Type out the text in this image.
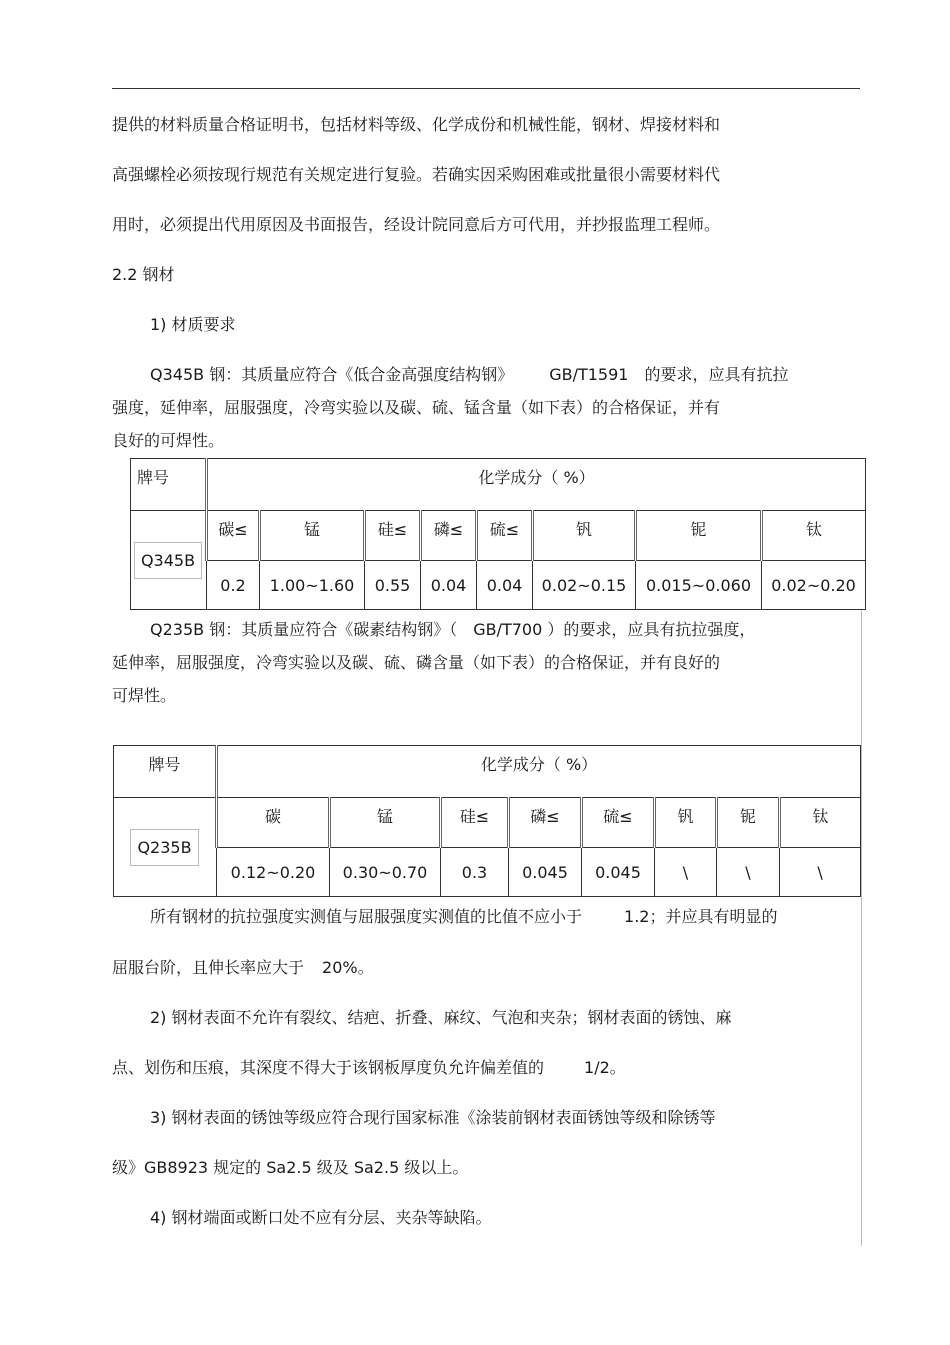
提供的材料质量合格证明书，包括材料等级、化学成份和机械性能，钢材、焊接材料和
高强螺栓必须按现行规范有关规定进行复验。若确实因采购困难或批量很小需要材料代
用时，必须提出代用原因及书面报告，经设计院同意后方可代用，并抄报监理工程师。
2.2 钢材
1) 材质要求
Q345B 钢：其质量应符合《低合金高强度结构钢》 GB/T1591 的要求，应具有抗拉
强度，延伸率，屈服强度，冷弯实验以及碳、硫、锰含量（如下表）的合格保证，并有
良好的可焊性。
牌号	化学成分（ %）							
Q345B	碳≤	锰	硅≤	磷≤	硫≤	钒	铌	钛
	0.2	1.00~1.60	0.55	0.04	0.04	0.02~0.15	0.015~0.060	0.02~0.20
Q235B 钢：其质量应符合《碳素结构钢》（ GB/T700 ）的要求，应具有抗拉强度，
延伸率，屈服强度，冷弯实验以及碳、硫、磷含量（如下表）的合格保证，并有良好的
可焊性。
牌号	化学成分（ %）							
Q235B	碳	锰	硅≤	磷≤	硫≤	钒	铌	钛
	0.12~0.20	0.30~0.70	0.3	0.045	0.045	\	\	\
所有钢材的抗拉强度实测值与屈服强度实测值的比值不应小于	1.2；并应具有明显的
屈服台阶，且伸长率应大于 20%。
2) 钢材表面不允许有裂纹、结疤、折叠、麻纹、气泡和夹杂；钢材表面的锈蚀、麻
点、划伤和压痕，其深度不得大于该钢板厚度负允许偏差值的	1/2。
3) 钢材表面的锈蚀等级应符合现行国家标准《涂装前钢材表面锈蚀等级和除锈等
级》GB8923 规定的 Sa2.5 级及 Sa2.5 级以上。
4) 钢材端面或断口处不应有分层、夹杂等缺陷。
